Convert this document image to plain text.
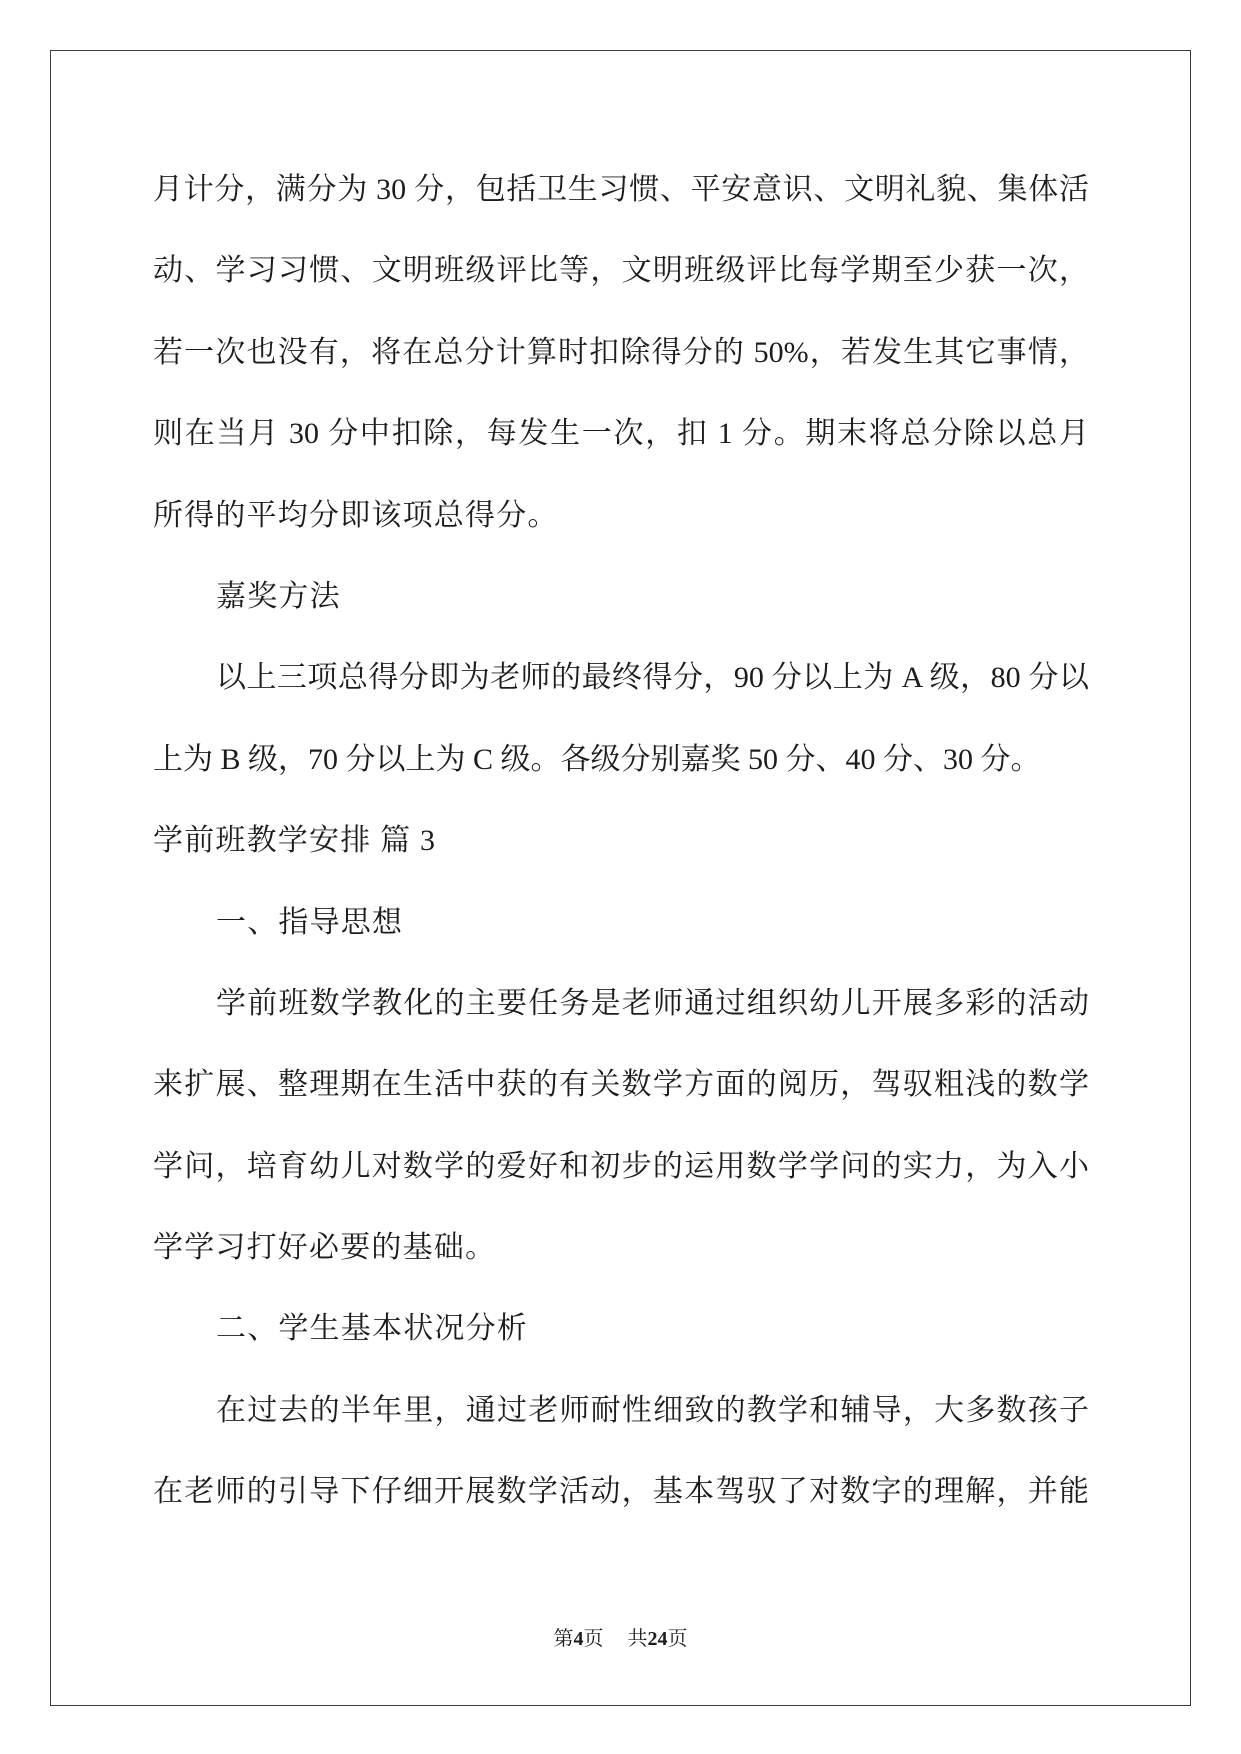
月计分，满分为 30 分，包括卫生习惯、平安意识、文明礼貌、集体活
动、学习习惯、文明班级评比等，文明班级评比每学期至少获一次，
若一次也没有，将在总分计算时扣除得分的 50%，若发生其它事情，
则在当月 30 分中扣除，每发生一次，扣 1 分。期末将总分除以总月
所得的平均分即该项总得分。
嘉奖方法
以上三项总得分即为老师的最终得分，90 分以上为 A 级，80 分以
上为 B 级，70 分以上为 C 级。各级分别嘉奖 50 分、40 分、30 分。
学前班教学安排 篇 3
一、指导思想
学前班数学教化的主要任务是老师通过组织幼儿开展多彩的活动
来扩展、整理期在生活中获的有关数学方面的阅历，驾驭粗浅的数学
学问，培育幼儿对数学的爱好和初步的运用数学学问的实力，为入小
学学习打好必要的基础。
二、学生基本状况分析
在过去的半年里，通过老师耐性细致的教学和辅导，大多数孩子
在老师的引导下仔细开展数学活动，基本驾驭了对数字的理解，并能
第4页 共24页
